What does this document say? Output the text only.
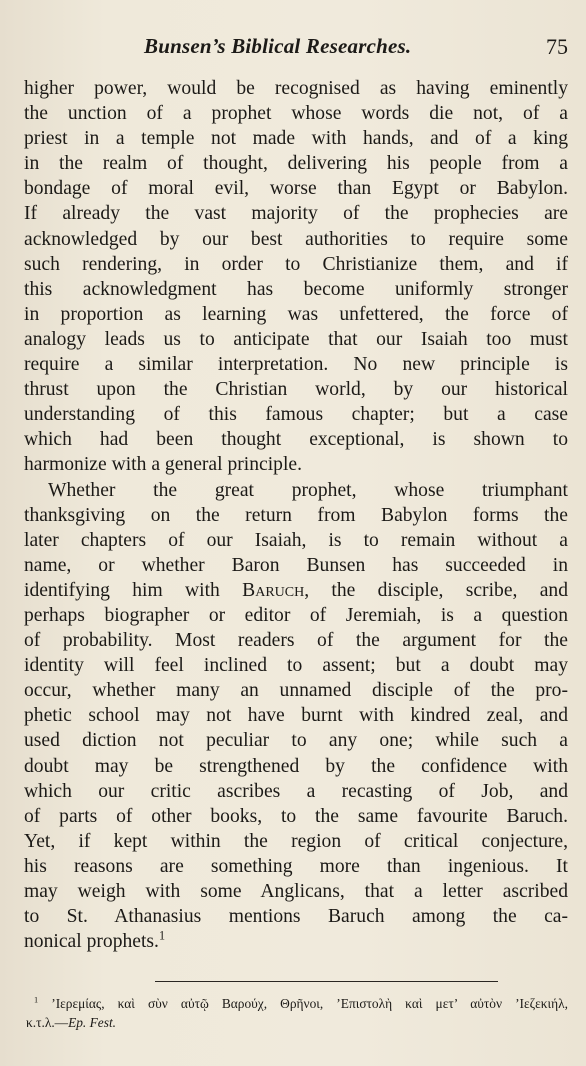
Bunsen’s Biblical Researches.	75
higher power, would be recognised as having eminently
the unction of a prophet whose words die not, of a
priest in a temple not made with hands, and of a king
in the realm of thought, delivering his people from a
bondage of moral evil, worse than Egypt or Babylon.
If already the vast majority of the prophecies are
acknowledged by our best authorities to require some
such rendering, in order to Christianize them, and if
this acknowledgment has become uniformly stronger
in proportion as learning was unfettered, the force of
analogy leads us to anticipate that our Isaiah too must
require a similar interpretation. No new principle is
thrust upon the Christian world, by our historical
understanding of this famous chapter; but a case
which had been thought exceptional, is shown to
harmonize with a general principle.
Whether the great prophet, whose triumphant
thanksgiving on the return from Babylon forms the
later chapters of our Isaiah, is to remain without a
name, or whether Baron Bunsen has succeeded in
identifying him with Baruch, the disciple, scribe, and
perhaps biographer or editor of Jeremiah, is a question
of probability. Most readers of the argument for the
identity will feel inclined to assent; but a doubt may
occur, whether many an unnamed disciple of the pro-
phetic school may not have burnt with kindred zeal, and
used diction not peculiar to any one; while such a
doubt may be strengthened by the confidence with
which our critic ascribes a recasting of Job, and
of parts of other books, to the same favourite Baruch.
Yet, if kept within the region of critical conjecture,
his reasons are something more than ingenious. It
may weigh with some Anglicans, that a letter ascribed
to St. Athanasius mentions Baruch among the ca-
nonical prophets.$^1$
$^1$ ’Ιερεμίας, καὶ σὺν αὐτῷ Βαρούχ, Θρῆνοι, ’Επιστολὴ καὶ μετ’ αὐτὸν ’Ιεζεκιήλ,
κ.τ.λ.—Ep. Fest.
